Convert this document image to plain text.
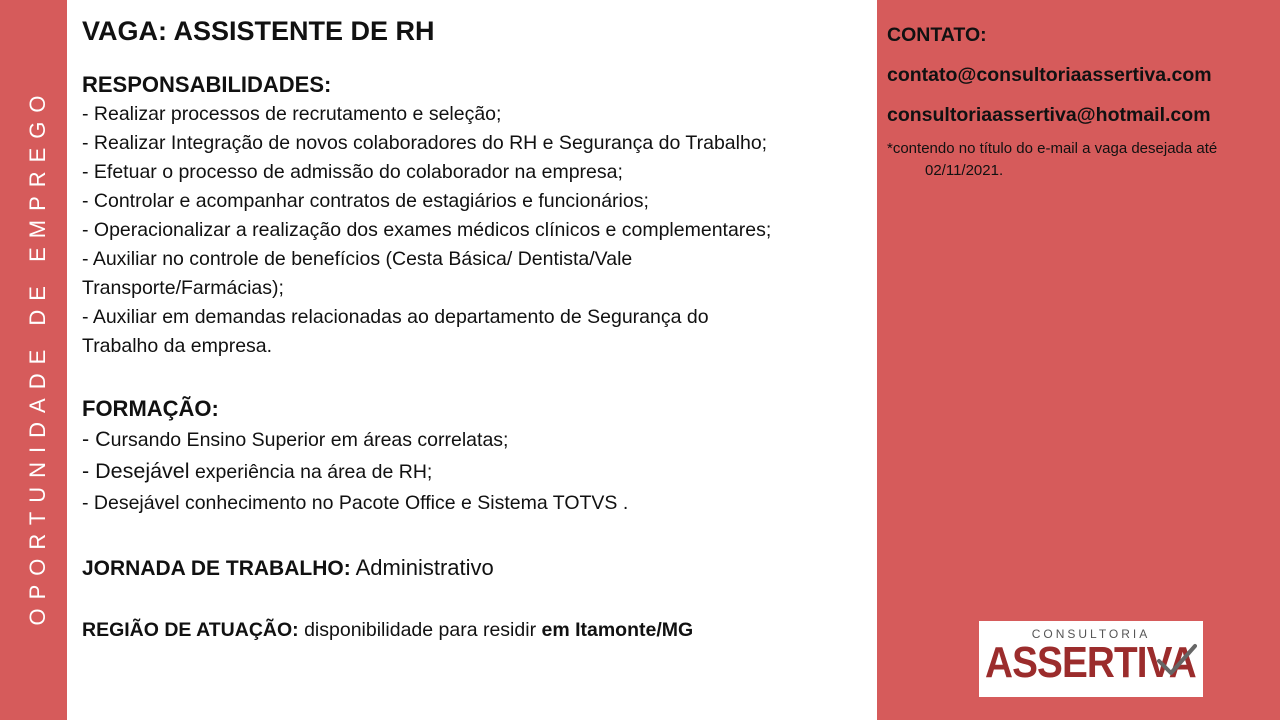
OPORTUNIDADE DE EMPREGO
VAGA: ASSISTENTE DE RH
RESPONSABILIDADES:
- Realizar processos de recrutamento e seleção;
- Realizar Integração de novos colaboradores do RH e Segurança do Trabalho;
- Efetuar o processo de admissão do colaborador na empresa;
- Controlar e acompanhar contratos de estagiários e funcionários;
- Operacionalizar a realização dos exames médicos clínicos e complementares;
- Auxiliar no controle de benefícios (Cesta Básica/ Dentista/Vale
Transporte/Farmácias);
- Auxiliar em demandas relacionadas ao departamento de Segurança do
Trabalho da empresa.
FORMAÇÃO:
- Cursando Ensino Superior em áreas correlatas;
- Desejável experiência na área de RH;
- Desejável conhecimento no Pacote Office e Sistema TOTVS .
JORNADA DE TRABALHO: Administrativo
REGIÃO DE ATUAÇÃO: disponibilidade para residir em Itamonte/MG
CONTATO:
contato@consultoriaassertiva.com
consultoriaassertiva@hotmail.com
*contendo no título do e-mail a vaga desejada até 02/11/2021.
CONSULTORIA
ASSERTIVA
